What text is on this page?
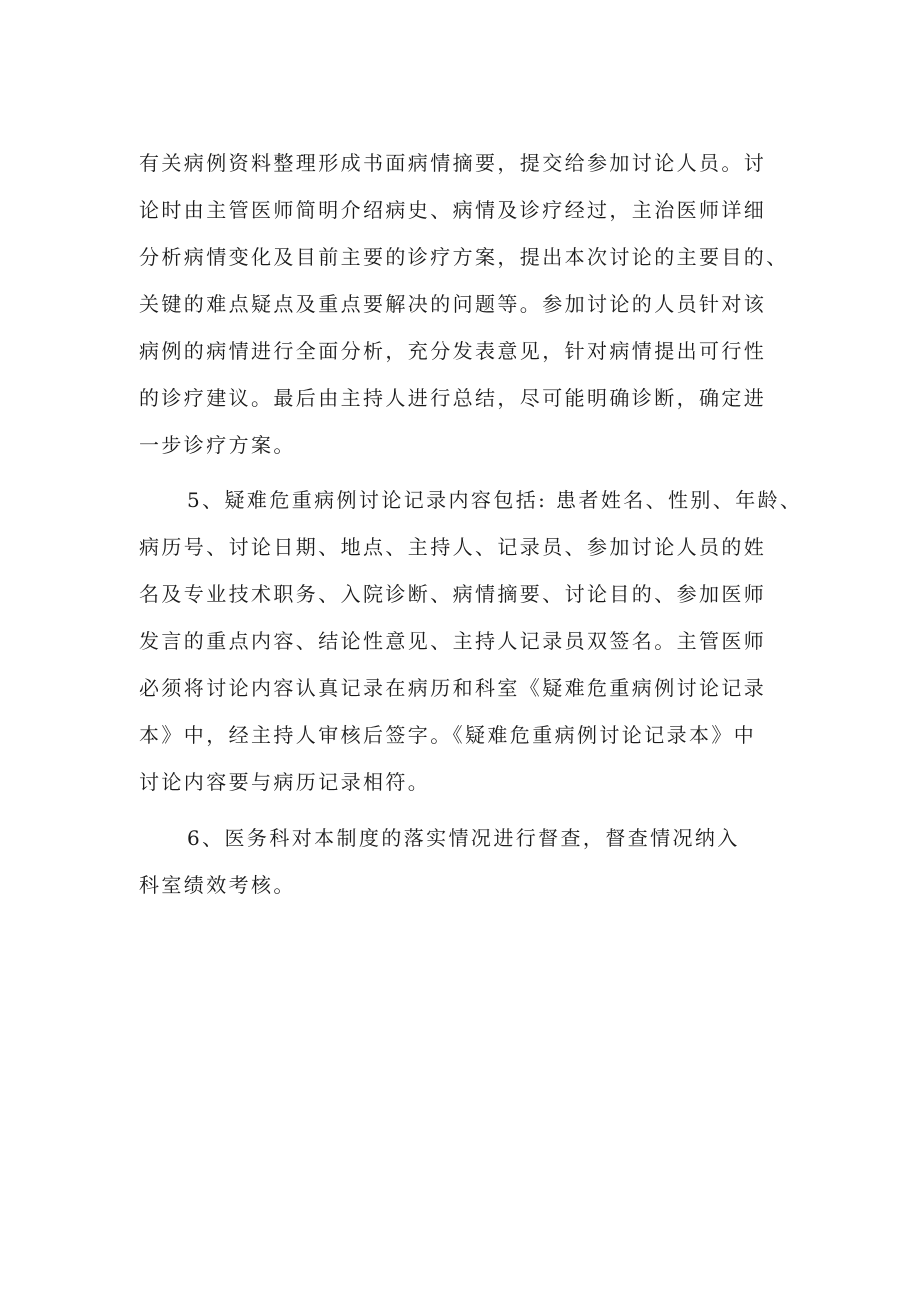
有关病例资料整理形成书面病情摘要，提交给参加讨论人员。讨
论时由主管医师简明介绍病史、病情及诊疗经过，主治医师详细
分析病情变化及目前主要的诊疗方案，提出本次讨论的主要目的、
关键的难点疑点及重点要解决的问题等。参加讨论的人员针对该
病例的病情进行全面分析，充分发表意见，针对病情提出可行性
的诊疗建议。最后由主持人进行总结，尽可能明确诊断，确定进
一步诊疗方案。
5、疑难危重病例讨论记录内容包括: 患者姓名、性别、年龄、
病历号、讨论日期、地点、主持人、记录员、参加讨论人员的姓
名及专业技术职务、入院诊断、病情摘要、讨论目的、参加医师
发言的重点内容、结论性意见、主持人记录员双签名。主管医师
必须将讨论内容认真记录在病历和科室《疑难危重病例讨论记录
本》中，经主持人审核后签字。《疑难危重病例讨论记录本》中
讨论内容要与病历记录相符。
6、医务科对本制度的落实情况进行督查，督查情况纳入
科室绩效考核。
